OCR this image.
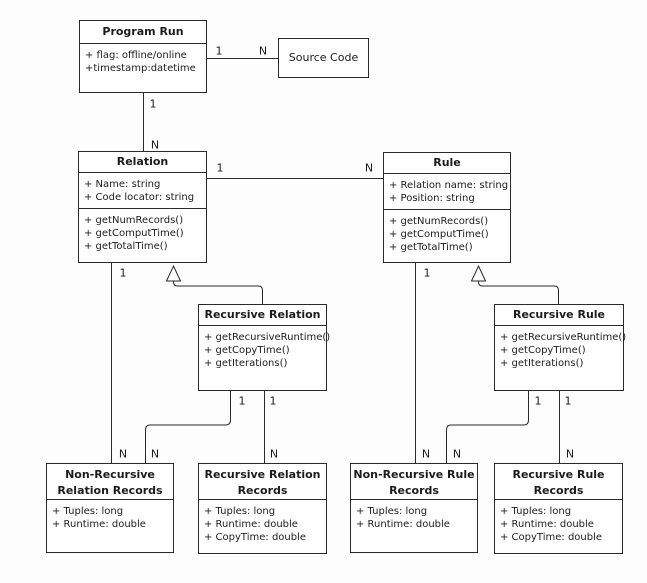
Program Run
+ flag: offline/online
+timestamp:datetime
Source Code
Relation
+ Name: string
+ Code locator: string
+ getNumRecords()
+ getComputTime()
+ getTotalTime()
Rule
+ Relation name: string
+ Position: string
+ getNumRecords()
+ getComputTime()
+ getTotalTime()
Recursive Relation
+ getRecursiveRuntime()
+ getCopyTime()
+ getIterations()
Recursive Rule
+ getRecursiveRuntime()
+ getCopyTime()
+ getIterations()
Non-Recursive
Relation Records
+ Tuples: long
+ Runtime: double
Recursive Relation
Records
+ Tuples: long
+ Runtime: double
+ CopyTime: double
Non-Recursive Rule
Records
+ Tuples: long
+ Runtime: double
Recursive Rule
Records
+ Tuples: long
+ Runtime: double
+ CopyTime: double
1	N
1
N
1	N
1
N
1
N
1
N
1
N
1
N
1
N
